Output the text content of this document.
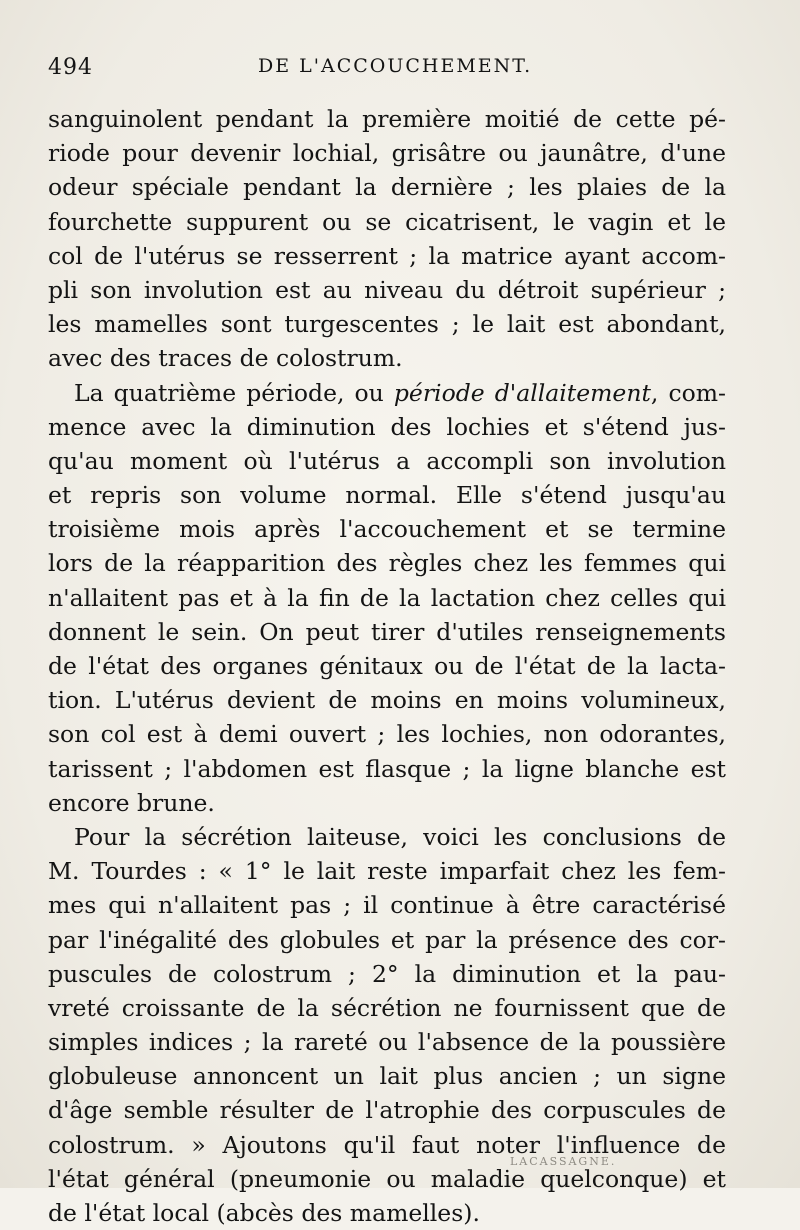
494	DE L'ACCOUCHEMENT.
sanguinolent pendant la première moitié de cette pé-
riode pour devenir lochial, grisâtre ou jaunâtre, d'une
odeur spéciale pendant la dernière ; les plaies de la
fourchette suppurent ou se cicatrisent, le vagin et le
col de l'utérus se resserrent ; la matrice ayant accom-
pli son involution est au niveau du détroit supérieur ;
les mamelles sont turgescentes ; le lait est abondant,
avec des traces de colostrum.
La quatrième période, ou période d'allaitement, com-
mence avec la diminution des lochies et s'étend jus-
qu'au moment où l'utérus a accompli son involution
et repris son volume normal. Elle s'étend jusqu'au
troisième mois après l'accouchement et se termine
lors de la réapparition des règles chez les femmes qui
n'allaitent pas et à la fin de la lactation chez celles qui
donnent le sein. On peut tirer d'utiles renseignements
de l'état des organes génitaux ou de l'état de la lacta-
tion. L'utérus devient de moins en moins volumineux,
son col est à demi ouvert ; les lochies, non odorantes,
tarissent ; l'abdomen est flasque ; la ligne blanche est
encore brune.
Pour la sécrétion laiteuse, voici les conclusions de
M. Tourdes : « 1° le lait reste imparfait chez les fem-
mes qui n'allaitent pas ; il continue à être caractérisé
par l'inégalité des globules et par la présence des cor-
puscules de colostrum ; 2° la diminution et la pau-
vreté croissante de la sécrétion ne fournissent que de
simples indices ; la rareté ou l'absence de la poussière
globuleuse annoncent un lait plus ancien ; un signe
d'âge semble résulter de l'atrophie des corpuscules de
colostrum. » Ajoutons qu'il faut noter l'influence de
l'état général (pneumonie ou maladie quelconque) et
de l'état local (abcès des mamelles).
LACASSAGNE.
